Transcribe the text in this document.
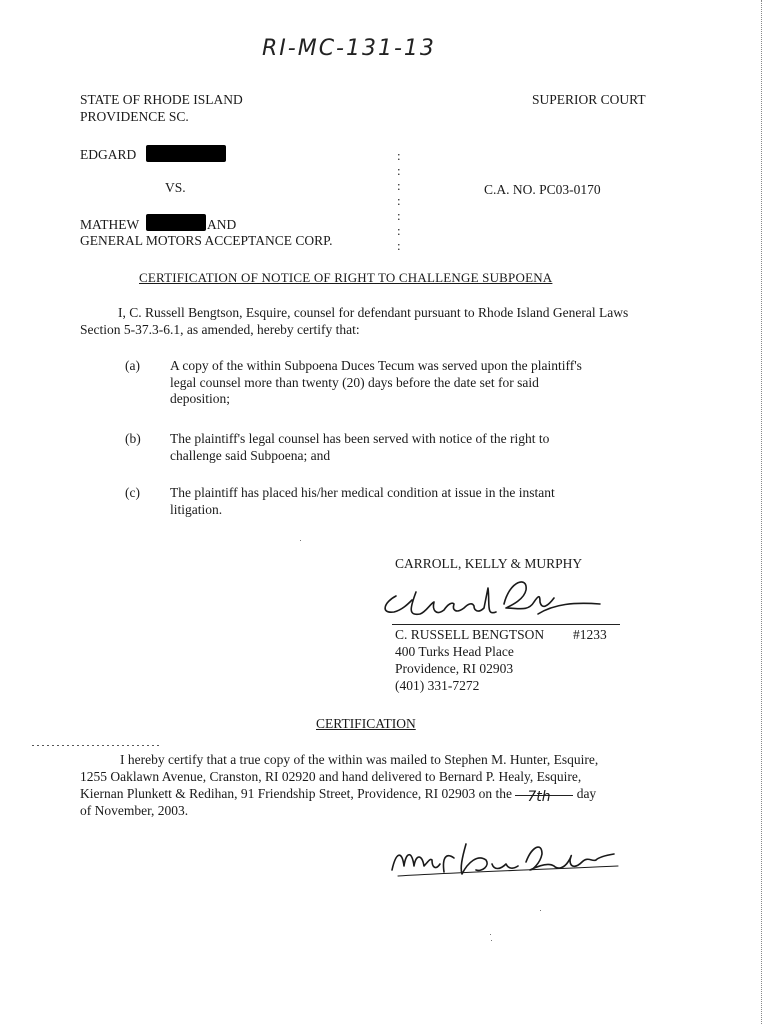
RI-MC-131-13
STATE OF RHODE ISLAND
PROVIDENCE SC.
SUPERIOR COURT
EDGARD
VS.	C.A. NO. PC03-0170
MATHEW	AND
GENERAL MOTORS ACCEPTANCE CORP.
:
:
:
:
:
:
:
CERTIFICATION OF NOTICE OF RIGHT TO CHALLENGE SUBPOENA
I, C. Russell Bengtson, Esquire, counsel for defendant pursuant to Rhode Island General Laws Section 5-37.3-6.1, as amended, hereby certify that:
(a) A copy of the within Subpoena Duces Tecum was served upon the plaintiff's legal counsel more than twenty (20) days before the date set for said deposition;
(b) The plaintiff's legal counsel has been served with notice of the right to challenge said Subpoena; and
(c) The plaintiff has placed his/her medical condition at issue in the instant litigation.
CARROLL, KELLY & MURPHY
C. RUSSELL BENGTSON #1233
400 Turks Head Place
Providence, RI 02903
(401) 331-7272
CERTIFICATION
I hereby certify that a true copy of the within was mailed to Stephen M. Hunter, Esquire,
1255 Oaklawn Avenue, Cranston, RI 02920 and hand delivered to Bernard P. Healy, Esquire,
Kiernan Plunkett & Redihan, 91 Friendship Street, Providence, RI 02903 on the 7th day
of November, 2003.
